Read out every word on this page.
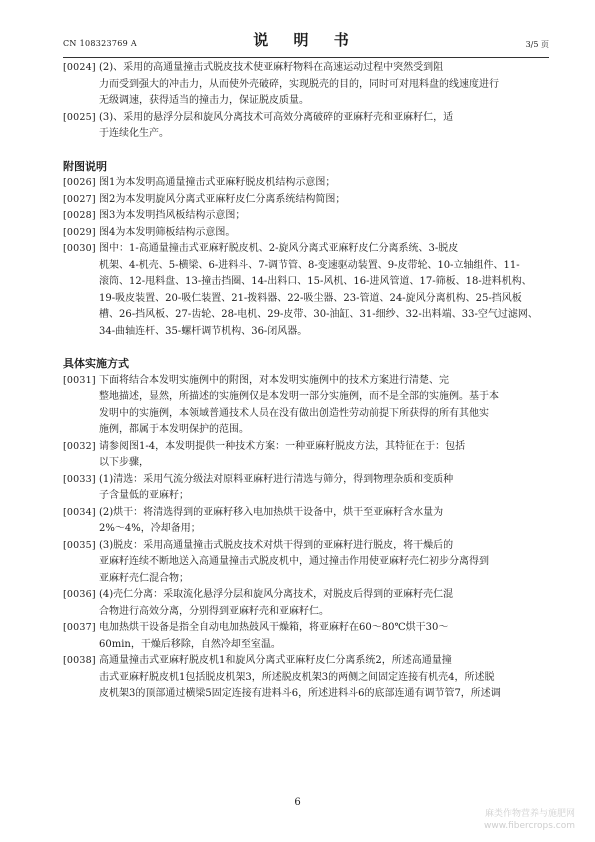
CN 108323769 A	说 明 书	3/5 页
[0024] (2)、采用的高通量撞击式脱皮技术使亚麻籽物料在高速运动过程中突然受到阻
力而受到强大的冲击力，从而使外壳破碎，实现脱壳的目的，同时可对甩料盘的线速度进行
无级调速，获得适当的撞击力，保证脱皮质量。
[0025] (3)、采用的悬浮分层和旋风分离技术可高效分离破碎的亚麻籽壳和亚麻籽仁，适
于连续化生产。

附图说明

[0026] 图1为本发明高通量撞击式亚麻籽脱皮机结构示意图；
[0027] 图2为本发明旋风分离式亚麻籽皮仁分离系统结构简图；
[0028] 图3为本发明挡风板结构示意图；
[0029] 图4为本发明筛板结构示意图。
[0030] 图中：1-高通量撞击式亚麻籽脱皮机、2-旋风分离式亚麻籽皮仁分离系统、3-脱皮
机架、4-机壳、5-横梁、6-进料斗、7-调节管、8-变速驱动装置、9-皮带轮、10-立轴组件、11-
滚筒、12-甩料盘、13-撞击挡圈、14-出料口、15-风机、16-进风管道、17-筛板、18-进料机构、
19-吸皮装置、20-吸仁装置、21-拨料器、22-吸尘器、23-管道、24-旋风分离机构、25-挡风板
槽、26-挡风板、27-齿轮、28-电机、29-皮带、30-油缸、31-细纱、32-出料端、33-空气过滤网、
34-曲轴连杆、35-螺杆调节机构、36-闭风器。

具体实施方式

[0031] 下面将结合本发明实施例中的附图，对本发明实施例中的技术方案进行清楚、完
整地描述，显然，所描述的实施例仅是本发明一部分实施例，而不是全部的实施例。基于本
发明中的实施例，本领域普通技术人员在没有做出创造性劳动前提下所获得的所有其他实
施例，都属于本发明保护的范围。
[0032] 请参阅图1-4，本发明提供一种技术方案：一种亚麻籽脱皮方法，其特征在于：包括
以下步骤，
[0033] (1)清选：采用气流分级法对原料亚麻籽进行清选与筛分，得到物理杂质和变质种
子含量低的亚麻籽；
[0034] (2)烘干：将清选得到的亚麻籽移入电加热烘干设备中，烘干至亚麻籽含水量为
2%～4%，冷却备用；
[0035] (3)脱皮：采用高通量撞击式脱皮技术对烘干得到的亚麻籽进行脱皮，将干燥后的
亚麻籽连续不断地送入高通量撞击式脱皮机中，通过撞击作用使亚麻籽壳仁初步分离得到
亚麻籽壳仁混合物；
[0036] (4)壳仁分离：采取流化悬浮分层和旋风分离技术，对脱皮后得到的亚麻籽壳仁混
合物进行高效分离，分别得到亚麻籽壳和亚麻籽仁。
[0037] 电加热烘干设备是指全自动电加热鼓风干燥箱，将亚麻籽在60～80℃烘干30～
60min，干燥后移除，自然冷却至室温。
[0038] 高通量撞击式亚麻籽脱皮机1和旋风分离式亚麻籽皮仁分离系统2，所述高通量撞
击式亚麻籽脱皮机1包括脱皮机架3，所述脱皮机架3的两侧之间固定连接有机壳4，所述脱
皮机架3的顶部通过横梁5固定连接有进料斗6，所述进料斗6的底部连通有调节管7，所述调
6
麻类作物营养与施肥网
www.fibercrops.com
